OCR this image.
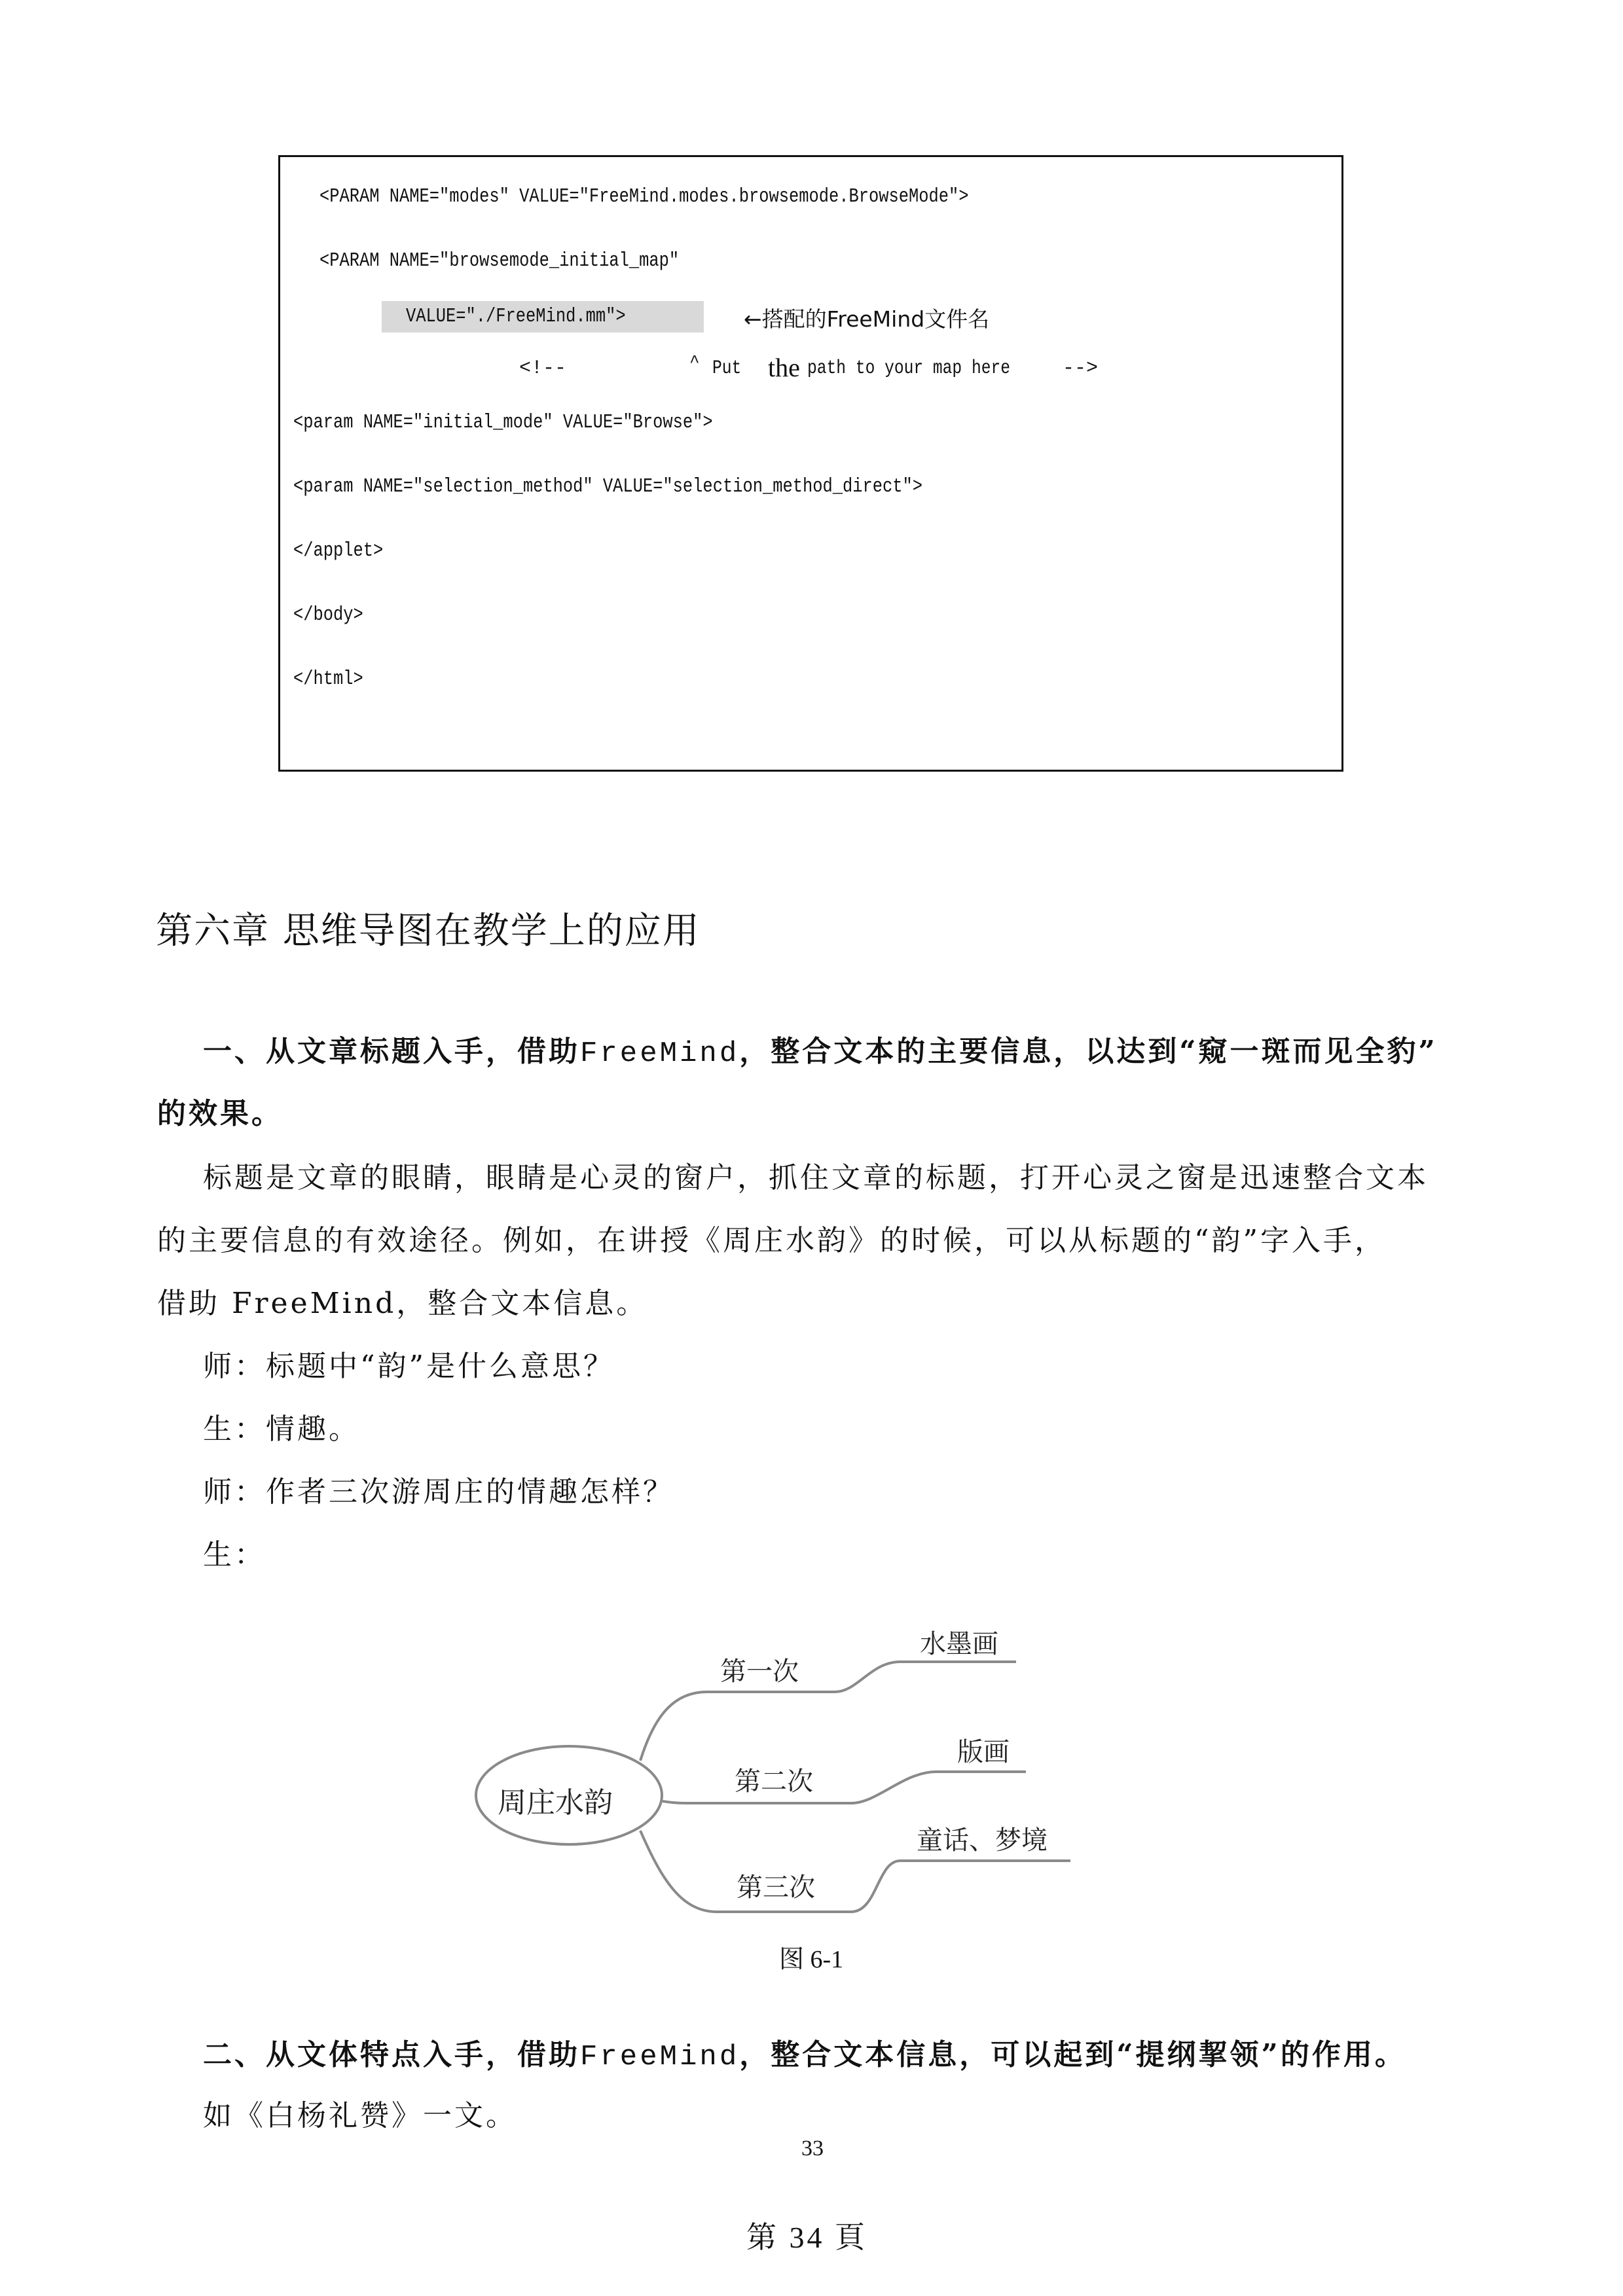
<PARAM NAME="modes" VALUE="FreeMind.modes.browsemode.BrowseMode">
<PARAM NAME="browsemode_initial_map"
VALUE="./FreeMind.mm">	←搭配的FreeMind文件名
<!--	^ Put the path to your map here	-->
<param NAME="initial_mode" VALUE="Browse">
<param NAME="selection_method" VALUE="selection_method_direct">
</applet>
</body>
</html>
第六章 思维导图在教学上的应用
一、从文章标题入手，借助FreeMind，整合文本的主要信息，以达到“窥一斑而见全豹”
的效果。
标题是文章的眼睛，眼睛是心灵的窗户，抓住文章的标题，打开心灵之窗是迅速整合文本
的主要信息的有效途径。例如，在讲授《周庄水韵》的时候，可以从标题的“韵”字入手，
借助 FreeMind，整合文本信息。
师：标题中“韵”是什么意思？
生：情趣。
师：作者三次游周庄的情趣怎样？
生：
周庄水韵
第一次
水墨画
第二次
版画
第三次
童话、梦境
图 6-1
二、从文体特点入手，借助FreeMind，整合文本信息，可以起到“提纲挈领”的作用。
如《白杨礼赞》一文。
33
第 34 頁
